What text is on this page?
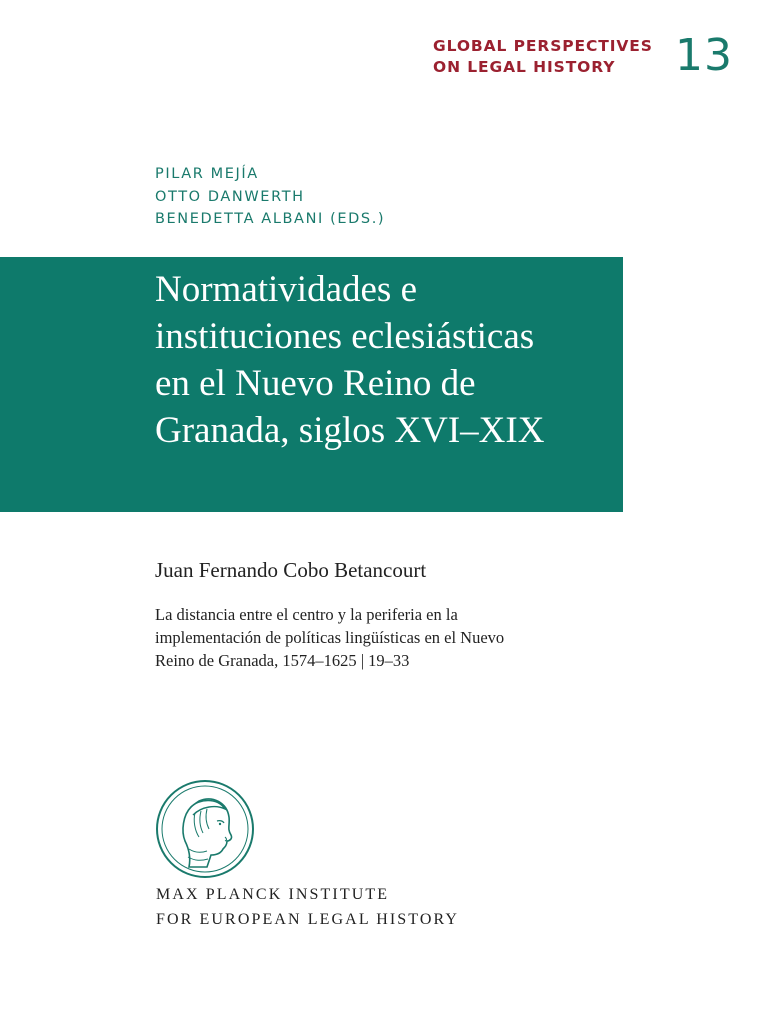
GLOBAL PERSPECTIVES
ON LEGAL HISTORY	13
PILAR MEJÍA
OTTO DANWERTH
BENEDETTA ALBANI (EDS.)
Normatividades e
instituciones eclesiásticas
en el Nuevo Reino de
Granada, siglos XVI–XIX
Juan Fernando Cobo Betancourt
La distancia entre el centro y la periferia en la
implementación de políticas lingüísticas en el Nuevo
Reino de Granada, 1574–1625 | 19–33
MAX PLANCK INSTITUTE
FOR EUROPEAN LEGAL HISTORY
